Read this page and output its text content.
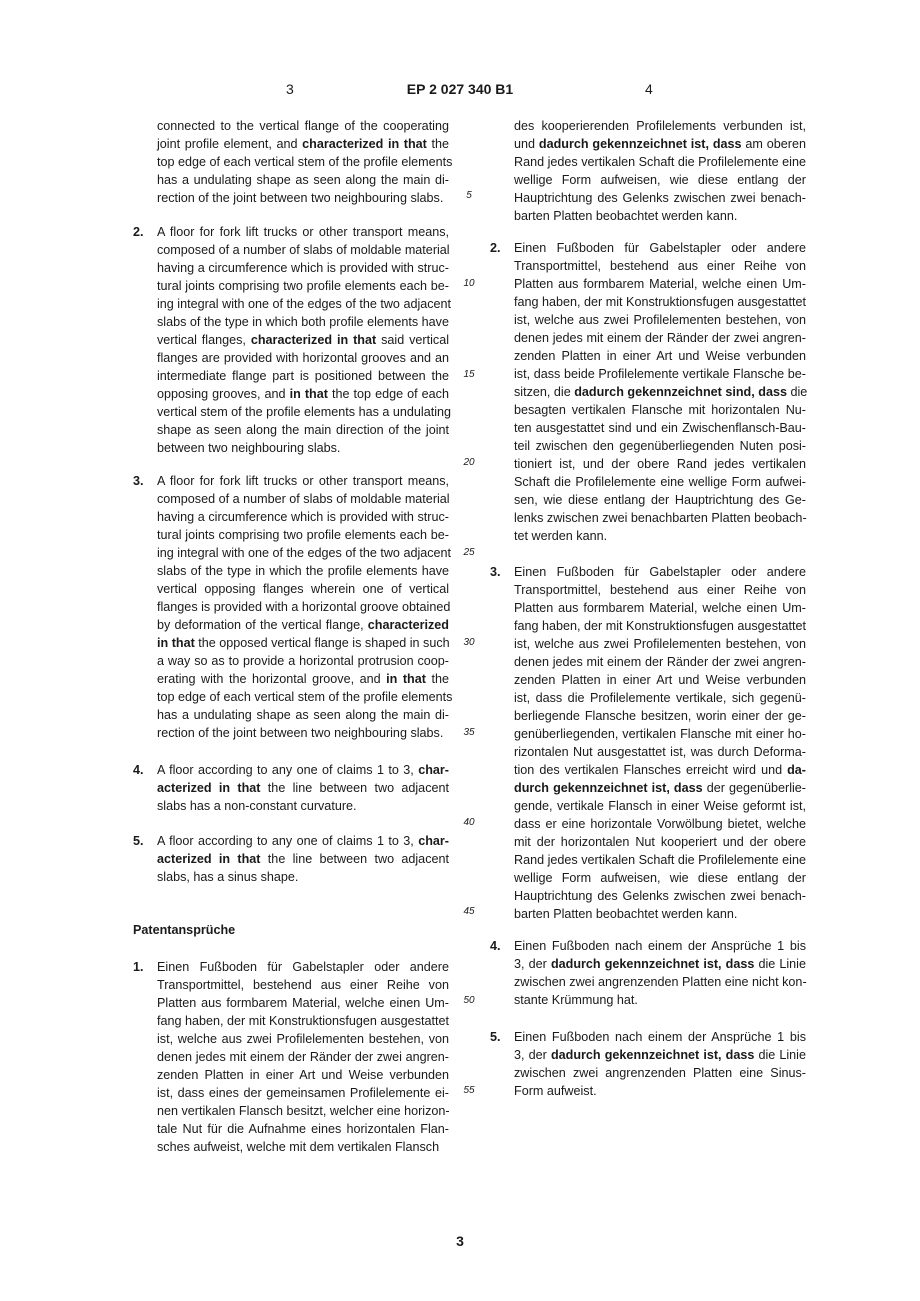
3	EP 2 027 340 B1	4
Patentansprüche
connected to the vertical flange of the cooperating
joint profile element, and characterized in that the
top edge of each vertical stem of the profile elements
has a undulating shape as seen along the main di-
rection of the joint between two neighbouring slabs.
2. A floor for fork lift trucks or other transport means,
composed of a number of slabs of moldable material
having a circumference which is provided with struc-
tural joints comprising two profile elements each be-
ing integral with one of the edges of the two adjacent
slabs of the type in which both profile elements have
vertical flanges, characterized in that said vertical
flanges are provided with horizontal grooves and an
intermediate flange part is positioned between the
opposing grooves, and in that the top edge of each
vertical stem of the profile elements has a undulating
shape as seen along the main direction of the joint
between two neighbouring slabs.
3. A floor for fork lift trucks or other transport means,
composed of a number of slabs of moldable material
having a circumference which is provided with struc-
tural joints comprising two profile elements each be-
ing integral with one of the edges of the two adjacent
slabs of the type in which the profile elements have
vertical opposing flanges wherein one of vertical
flanges is provided with a horizontal groove obtained
by deformation of the vertical flange, characterized
in that the opposed vertical flange is shaped in such
a way so as to provide a horizontal protrusion coop-
erating with the horizontal groove, and in that the
top edge of each vertical stem of the profile elements
has a undulating shape as seen along the main di-
rection of the joint between two neighbouring slabs.
4. A floor according to any one of claims 1 to 3, char-
acterized in that the line between two adjacent
slabs has a non-constant curvature.
5. A floor according to any one of claims 1 to 3, char-
acterized in that the line between two adjacent
slabs, has a sinus shape.
1. Einen Fußboden für Gabelstapler oder andere
Transportmittel, bestehend aus einer Reihe von
Platten aus formbarem Material, welche einen Um-
fang haben, der mit Konstruktionsfugen ausgestattet
ist, welche aus zwei Profilelementen bestehen, von
denen jedes mit einem der Ränder der zwei angren-
zenden Platten in einer Art und Weise verbunden
ist, dass eines der gemeinsamen Profilelemente ei-
nen vertikalen Flansch besitzt, welcher eine horizon-
tale Nut für die Aufnahme eines horizontalen Flan-
sches aufweist, welche mit dem vertikalen Flansch
des kooperierenden Profilelements verbunden ist,
und dadurch gekennzeichnet ist, dass am oberen
Rand jedes vertikalen Schaft die Profilelemente eine
wellige Form aufweisen, wie diese entlang der
Hauptrichtung des Gelenks zwischen zwei benach-
barten Platten beobachtet werden kann.
2. Einen Fußboden für Gabelstapler oder andere
Transportmittel, bestehend aus einer Reihe von
Platten aus formbarem Material, welche einen Um-
fang haben, der mit Konstruktionsfugen ausgestattet
ist, welche aus zwei Profilelementen bestehen, von
denen jedes mit einem der Ränder der zwei angren-
zenden Platten in einer Art und Weise verbunden
ist, dass beide Profilelemente vertikale Flansche be-
sitzen, die dadurch gekennzeichnet sind, dass die
besagten vertikalen Flansche mit horizontalen Nu-
ten ausgestattet sind und ein Zwischenflansch-Bau-
teil zwischen den gegenüberliegenden Nuten posi-
tioniert ist, und der obere Rand jedes vertikalen
Schaft die Profilelemente eine wellige Form aufwei-
sen, wie diese entlang der Hauptrichtung des Ge-
lenks zwischen zwei benachbarten Platten beobach-
tet werden kann.
3. Einen Fußboden für Gabelstapler oder andere
Transportmittel, bestehend aus einer Reihe von
Platten aus formbarem Material, welche einen Um-
fang haben, der mit Konstruktionsfugen ausgestattet
ist, welche aus zwei Profilelementen bestehen, von
denen jedes mit einem der Ränder der zwei angren-
zenden Platten in einer Art und Weise verbunden
ist, dass die Profilelemente vertikale, sich gegenü-
berliegende Flansche besitzen, worin einer der ge-
genüberliegenden, vertikalen Flansche mit einer ho-
rizontalen Nut ausgestattet ist, was durch Deforma-
tion des vertikalen Flansches erreicht wird und da-
durch gekennzeichnet ist, dass der gegenüberlie-
gende, vertikale Flansch in einer Weise geformt ist,
dass er eine horizontale Vorwölbung bietet, welche
mit der horizontalen Nut kooperiert und der obere
Rand jedes vertikalen Schaft die Profilelemente eine
wellige Form aufweisen, wie diese entlang der
Hauptrichtung des Gelenks zwischen zwei benach-
barten Platten beobachtet werden kann.
4. Einen Fußboden nach einem der Ansprüche 1 bis
3, der dadurch gekennzeichnet ist, dass die Linie
zwischen zwei angrenzenden Platten eine nicht kon-
stante Krümmung hat.
5. Einen Fußboden nach einem der Ansprüche 1 bis
3, der dadurch gekennzeichnet ist, dass die Linie
zwischen zwei angrenzenden Platten eine Sinus-
Form aufweist.
5
10
15
20
25
30
35
40
45
50
55
3
